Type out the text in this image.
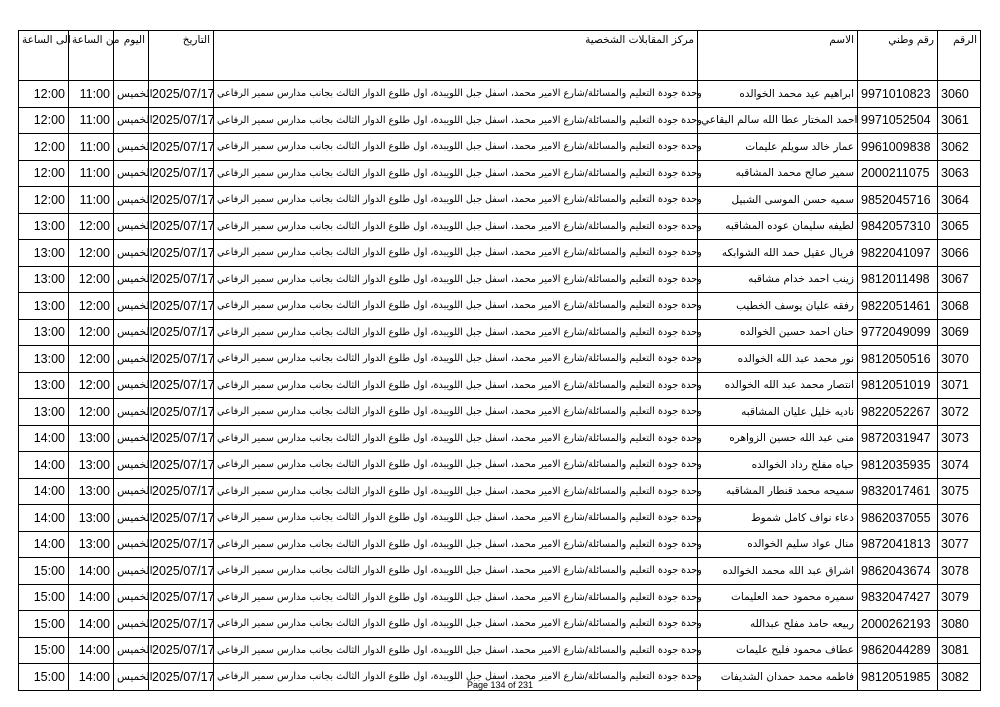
الى الساعة	من الساعة	اليوم	التاريخ	مركز المقابلات الشخصية	الاسم	رقم وطني	الرقم
12:00	11:00	الخميس	2025/07/17	وحدة جودة التعليم والمسائلة/شارع الامير محمد، اسفل جبل اللويبدة، اول طلوع الدوار الثالث بجانب مدارس سمير الرفاعي	ابراهيم عيد محمد الخوالده	9971010823	3060
12:00	11:00	الخميس	2025/07/17	وحدة جودة التعليم والمسائلة/شارع الامير محمد، اسفل جبل اللويبدة، اول طلوع الدوار الثالث بجانب مدارس سمير الرفاعي	احمد المختار عطا الله سالم البقاعي	9971052504	3061
12:00	11:00	الخميس	2025/07/17	وحدة جودة التعليم والمسائلة/شارع الامير محمد، اسفل جبل اللويبدة، اول طلوع الدوار الثالث بجانب مدارس سمير الرفاعي	عمار خالد سويلم عليمات	9961009838	3062
12:00	11:00	الخميس	2025/07/17	وحدة جودة التعليم والمسائلة/شارع الامير محمد، اسفل جبل اللويبدة، اول طلوع الدوار الثالث بجانب مدارس سمير الرفاعي	سمير صالح محمد المشاقبه	2000211075	3063
12:00	11:00	الخميس	2025/07/17	وحدة جودة التعليم والمسائلة/شارع الامير محمد، اسفل جبل اللويبدة، اول طلوع الدوار الثالث بجانب مدارس سمير الرفاعي	سميه حسن الموسى الشبيل	9852045716	3064
13:00	12:00	الخميس	2025/07/17	وحدة جودة التعليم والمسائلة/شارع الامير محمد، اسفل جبل اللويبدة، اول طلوع الدوار الثالث بجانب مدارس سمير الرفاعي	لطيفه سليمان عوده المشاقبه	9842057310	3065
13:00	12:00	الخميس	2025/07/17	وحدة جودة التعليم والمسائلة/شارع الامير محمد، اسفل جبل اللويبدة، اول طلوع الدوار الثالث بجانب مدارس سمير الرفاعي	فريال عقيل حمد الله الشوابكه	9822041097	3066
13:00	12:00	الخميس	2025/07/17	وحدة جودة التعليم والمسائلة/شارع الامير محمد، اسفل جبل اللويبدة، اول طلوع الدوار الثالث بجانب مدارس سمير الرفاعي	زينب احمد خدام مشاقبه	9812011498	3067
13:00	12:00	الخميس	2025/07/17	وحدة جودة التعليم والمسائلة/شارع الامير محمد، اسفل جبل اللويبدة، اول طلوع الدوار الثالث بجانب مدارس سمير الرفاعي	رفقه عليان يوسف الخطيب	9822051461	3068
13:00	12:00	الخميس	2025/07/17	وحدة جودة التعليم والمسائلة/شارع الامير محمد، اسفل جبل اللويبدة، اول طلوع الدوار الثالث بجانب مدارس سمير الرفاعي	حنان احمد حسين الخوالده	9772049099	3069
13:00	12:00	الخميس	2025/07/17	وحدة جودة التعليم والمسائلة/شارع الامير محمد، اسفل جبل اللويبدة، اول طلوع الدوار الثالث بجانب مدارس سمير الرفاعي	نور محمد عبد الله الخوالده	9812050516	3070
13:00	12:00	الخميس	2025/07/17	وحدة جودة التعليم والمسائلة/شارع الامير محمد، اسفل جبل اللويبدة، اول طلوع الدوار الثالث بجانب مدارس سمير الرفاعي	انتصار محمد عبد الله الخوالده	9812051019	3071
13:00	12:00	الخميس	2025/07/17	وحدة جودة التعليم والمسائلة/شارع الامير محمد، اسفل جبل اللويبدة، اول طلوع الدوار الثالث بجانب مدارس سمير الرفاعي	ناديه خليل عليان المشاقبه	9822052267	3072
14:00	13:00	الخميس	2025/07/17	وحدة جودة التعليم والمسائلة/شارع الامير محمد، اسفل جبل اللويبدة، اول طلوع الدوار الثالث بجانب مدارس سمير الرفاعي	منى عبد الله حسين الزواهره	9872031947	3073
14:00	13:00	الخميس	2025/07/17	وحدة جودة التعليم والمسائلة/شارع الامير محمد، اسفل جبل اللويبدة، اول طلوع الدوار الثالث بجانب مدارس سمير الرفاعي	حياه مفلح رداد الخوالده	9812035935	3074
14:00	13:00	الخميس	2025/07/17	وحدة جودة التعليم والمسائلة/شارع الامير محمد، اسفل جبل اللويبدة، اول طلوع الدوار الثالث بجانب مدارس سمير الرفاعي	سميحه محمد قنطار المشاقبه	9832017461	3075
14:00	13:00	الخميس	2025/07/17	وحدة جودة التعليم والمسائلة/شارع الامير محمد، اسفل جبل اللويبدة، اول طلوع الدوار الثالث بجانب مدارس سمير الرفاعي	دعاء نواف كامل شموط	9862037055	3076
14:00	13:00	الخميس	2025/07/17	وحدة جودة التعليم والمسائلة/شارع الامير محمد، اسفل جبل اللويبدة، اول طلوع الدوار الثالث بجانب مدارس سمير الرفاعي	منال عواد سليم الخوالده	9872041813	3077
15:00	14:00	الخميس	2025/07/17	وحدة جودة التعليم والمسائلة/شارع الامير محمد، اسفل جبل اللويبدة، اول طلوع الدوار الثالث بجانب مدارس سمير الرفاعي	اشراق عبد الله محمد الخوالده	9862043674	3078
15:00	14:00	الخميس	2025/07/17	وحدة جودة التعليم والمسائلة/شارع الامير محمد، اسفل جبل اللويبدة، اول طلوع الدوار الثالث بجانب مدارس سمير الرفاعي	سميره محمود حمد العليمات	9832047427	3079
15:00	14:00	الخميس	2025/07/17	وحدة جودة التعليم والمسائلة/شارع الامير محمد، اسفل جبل اللويبدة، اول طلوع الدوار الثالث بجانب مدارس سمير الرفاعي	ربيعه حامد مفلح عبدالله	2000262193	3080
15:00	14:00	الخميس	2025/07/17	وحدة جودة التعليم والمسائلة/شارع الامير محمد، اسفل جبل اللويبدة، اول طلوع الدوار الثالث بجانب مدارس سمير الرفاعي	عطاف محمود فليح عليمات	9862044289	3081
15:00	14:00	الخميس	2025/07/17	وحدة جودة التعليم والمسائلة/شارع الامير محمد، اسفل جبل اللويبدة، اول طلوع الدوار الثالث بجانب مدارس سمير الرفاعي	فاطمه محمد حمدان الشديفات	9812051985	3082
Page 134 of 231
